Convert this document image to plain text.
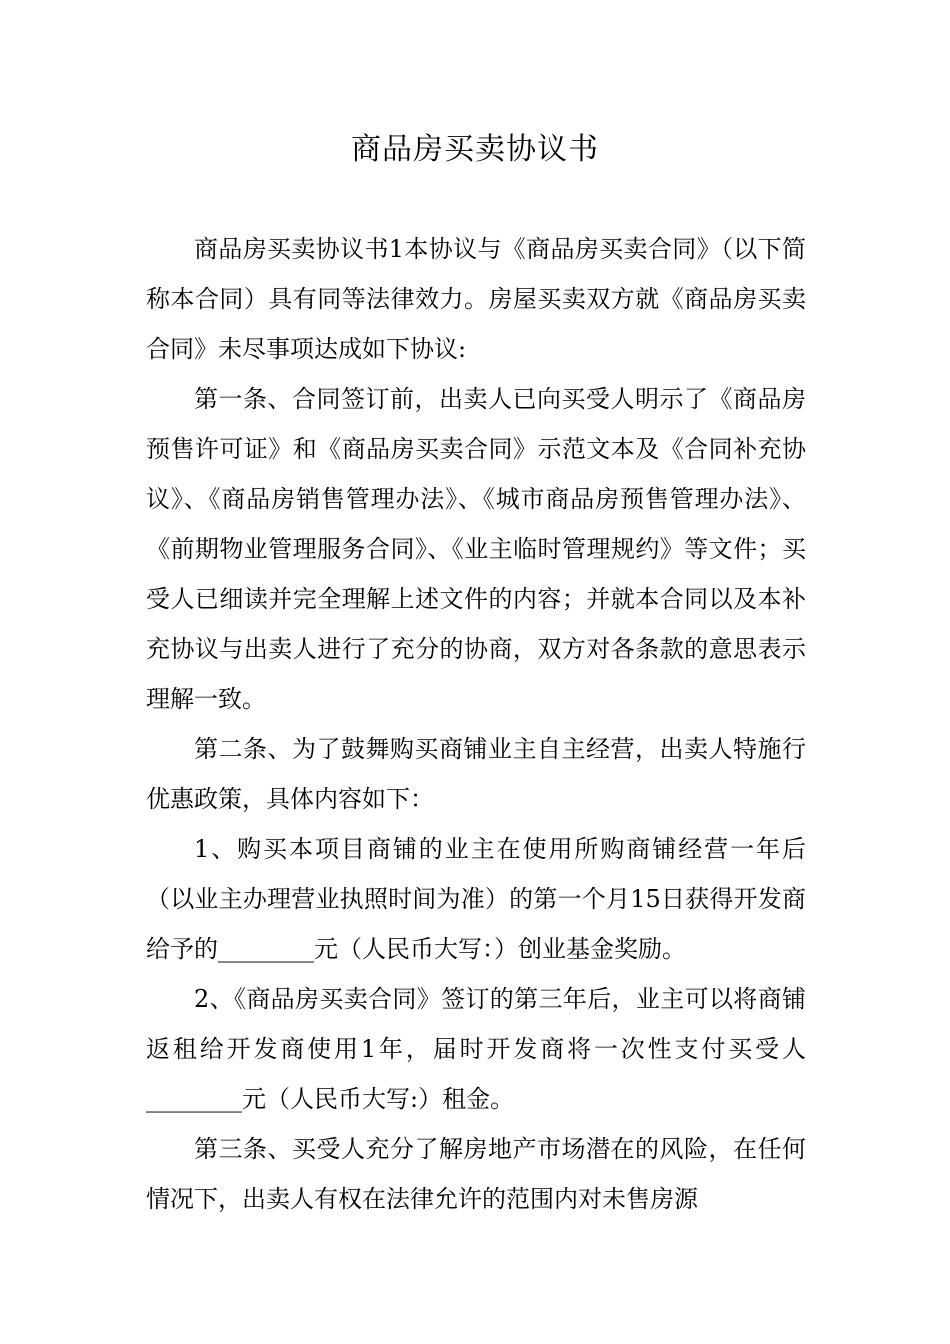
商品房买卖协议书

商品房买卖协议书1本协议与《商品房买卖合同》（以下简称本合同）具有同等法律效力。房屋买卖双方就《商品房买卖合同》未尽事项达成如下协议:

第一条、合同签订前，出卖人已向买受人明示了《商品房预售许可证》和《商品房买卖合同》示范文本及《合同补充协议》、《商品房销售管理办法》、《城市商品房预售管理办法》、《前期物业管理服务合同》、《业主临时管理规约》等文件；买受人已细读并完全理解上述文件的内容；并就本合同以及本补充协议与出卖人进行了充分的协商，双方对各条款的意思表示理解一致。

第二条、为了鼓舞购买商铺业主自主经营，出卖人特施行优惠政策，具体内容如下：

1、购买本项目商铺的业主在使用所购商铺经营一年后（以业主办理营业执照时间为准）的第一个月15日获得开发商给予的________元（人民币大写：）创业基金奖励。

2、《商品房买卖合同》签订的第三年后，业主可以将商铺返租给开发商使用1年，届时开发商将一次性支付买受人________元（人民币大写:）租金。

第三条、买受人充分了解房地产市场潜在的风险，在任何情况下，出卖人有权在法律允许的范围内对未售房源
